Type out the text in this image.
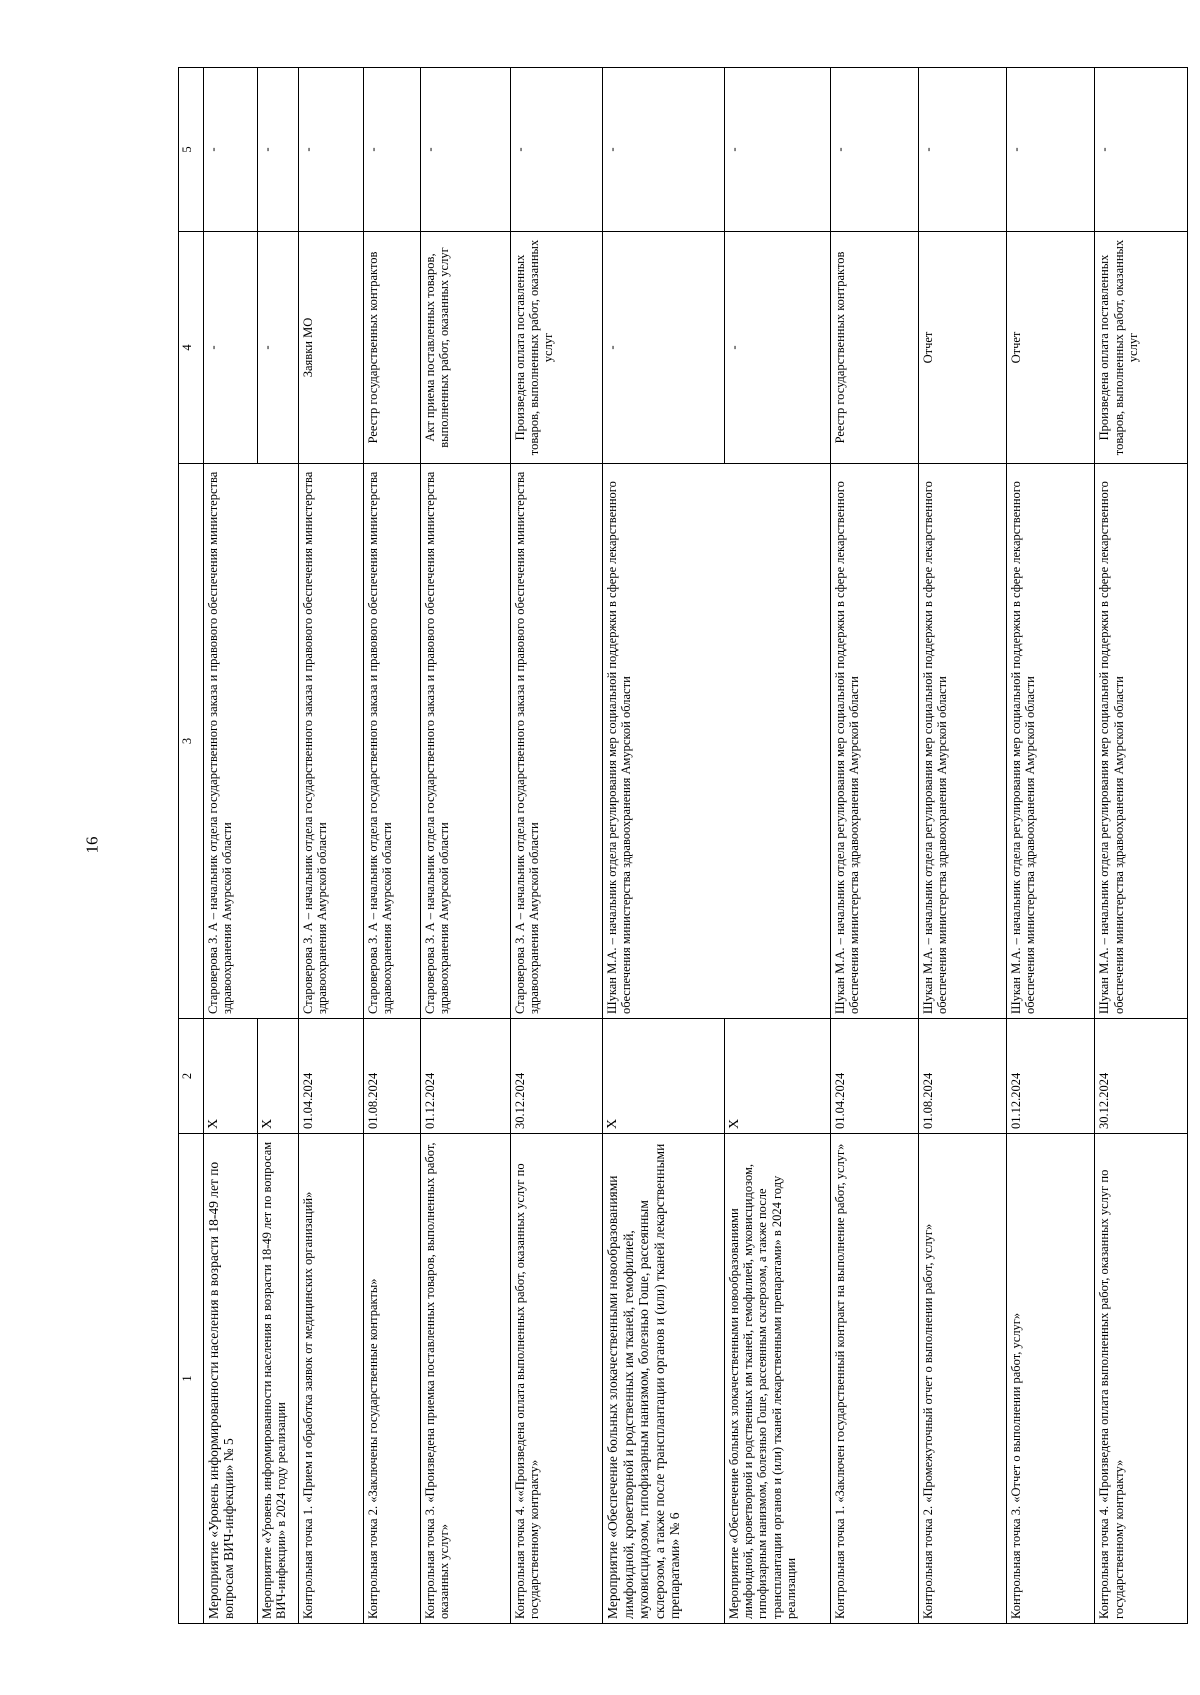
16
1	2	3	4	5
Мероприятие «Уровень информированности населения в возрасти 18-49 лет по вопросам ВИЧ-инфекции» № 5	X	Староверова З. А – начальник отдела государственного заказа и правового обеспечения министерства здравоохранения Амурской области	-	-
Мероприятие «Уровень информированности населения в возрасти 18-49 лет по вопросам ВИЧ-инфекции» в 2024 году реализации	X		-	-
Контрольная точка 1. «Прием и обработка заявок от медицинских организаций»	01.04.2024	Староверова З. А – начальник отдела государственного заказа и правового обеспечения министерства здравоохранения Амурской области	Заявки МО	-
Контрольная точка 2. «Заключены государственные контракты»	01.08.2024	Староверова З. А – начальник отдела государственного заказа и правового обеспечения министерства здравоохранения Амурской области	Реестр государственных контрактов	-
Контрольная точка 3. «Произведена приемка поставленных товаров, выполненных работ, оказанных услуг»	01.12.2024	Староверова З. А – начальник отдела государственного заказа и правового обеспечения министерства здравоохранения Амурской области	Акт приема поставленных товаров, выполненных работ, оказанных услуг	-
Контрольная точка 4. ««Произведена оплата выполненных работ, оказанных услуг по государственному контракту»	30.12.2024	Староверова З. А – начальник отдела государственного заказа и правового обеспечения министерства здравоохранения Амурской области	Произведена оплата поставленных товаров, выполненных работ, оказанных услуг	-
Мероприятие «Обеспечение больных злокачественными новообразованиями лимфоидной, кроветворной и родственных им тканей, гемофилией, муковисцидозом, гипофизарным нанизмом, болезнью Гоше, рассеянным склерозом, а также после трансплантации органов и (или) тканей лекарственными препаратами» № 6	X	Шукан М.А. – начальник отдела регулирования мер социальной поддержки в сфере лекарственного обеспечения министерства здравоохранения Амурской области	-	-
Мероприятие «Обеспечение больных злокачественными новообразованиями лимфоидной, кроветворной и родственных им тканей, гемофилией, муковисцидозом, гипофизарным нанизмом, болезнью Гоше, рассеянным склерозом, а также после трансплантации органов и (или) тканей лекарственными препаратами» в 2024 году реализации	X		-	-
Контрольная точка 1. «Заключен государственный контракт на выполнение работ, услуг»	01.04.2024	Шукан М.А. – начальник отдела регулирования мер социальной поддержки в сфере лекарственного обеспечения министерства здравоохранения Амурской области	Реестр государственных контрактов	-
Контрольная точка 2. «Промежуточный отчет о выполнении работ, услуг»	01.08.2024	Шукан М.А. – начальник отдела регулирования мер социальной поддержки в сфере лекарственного обеспечения министерства здравоохранения Амурской области	Отчет	-
Контрольная точка 3. «Отчет о выполнении работ, услуг»	01.12.2024	Шукан М.А. – начальник отдела регулирования мер социальной поддержки в сфере лекарственного обеспечения министерства здравоохранения Амурской области	Отчет	-
Контрольная точка 4. «Произведена оплата выполненных работ, оказанных услуг по государственному контракту»	30.12.2024	Шукан М.А. – начальник отдела регулирования мер социальной поддержки в сфере лекарственного обеспечения министерства здравоохранения Амурской области	Произведена оплата поставленных товаров, выполненных работ, оказанных услуг	-
